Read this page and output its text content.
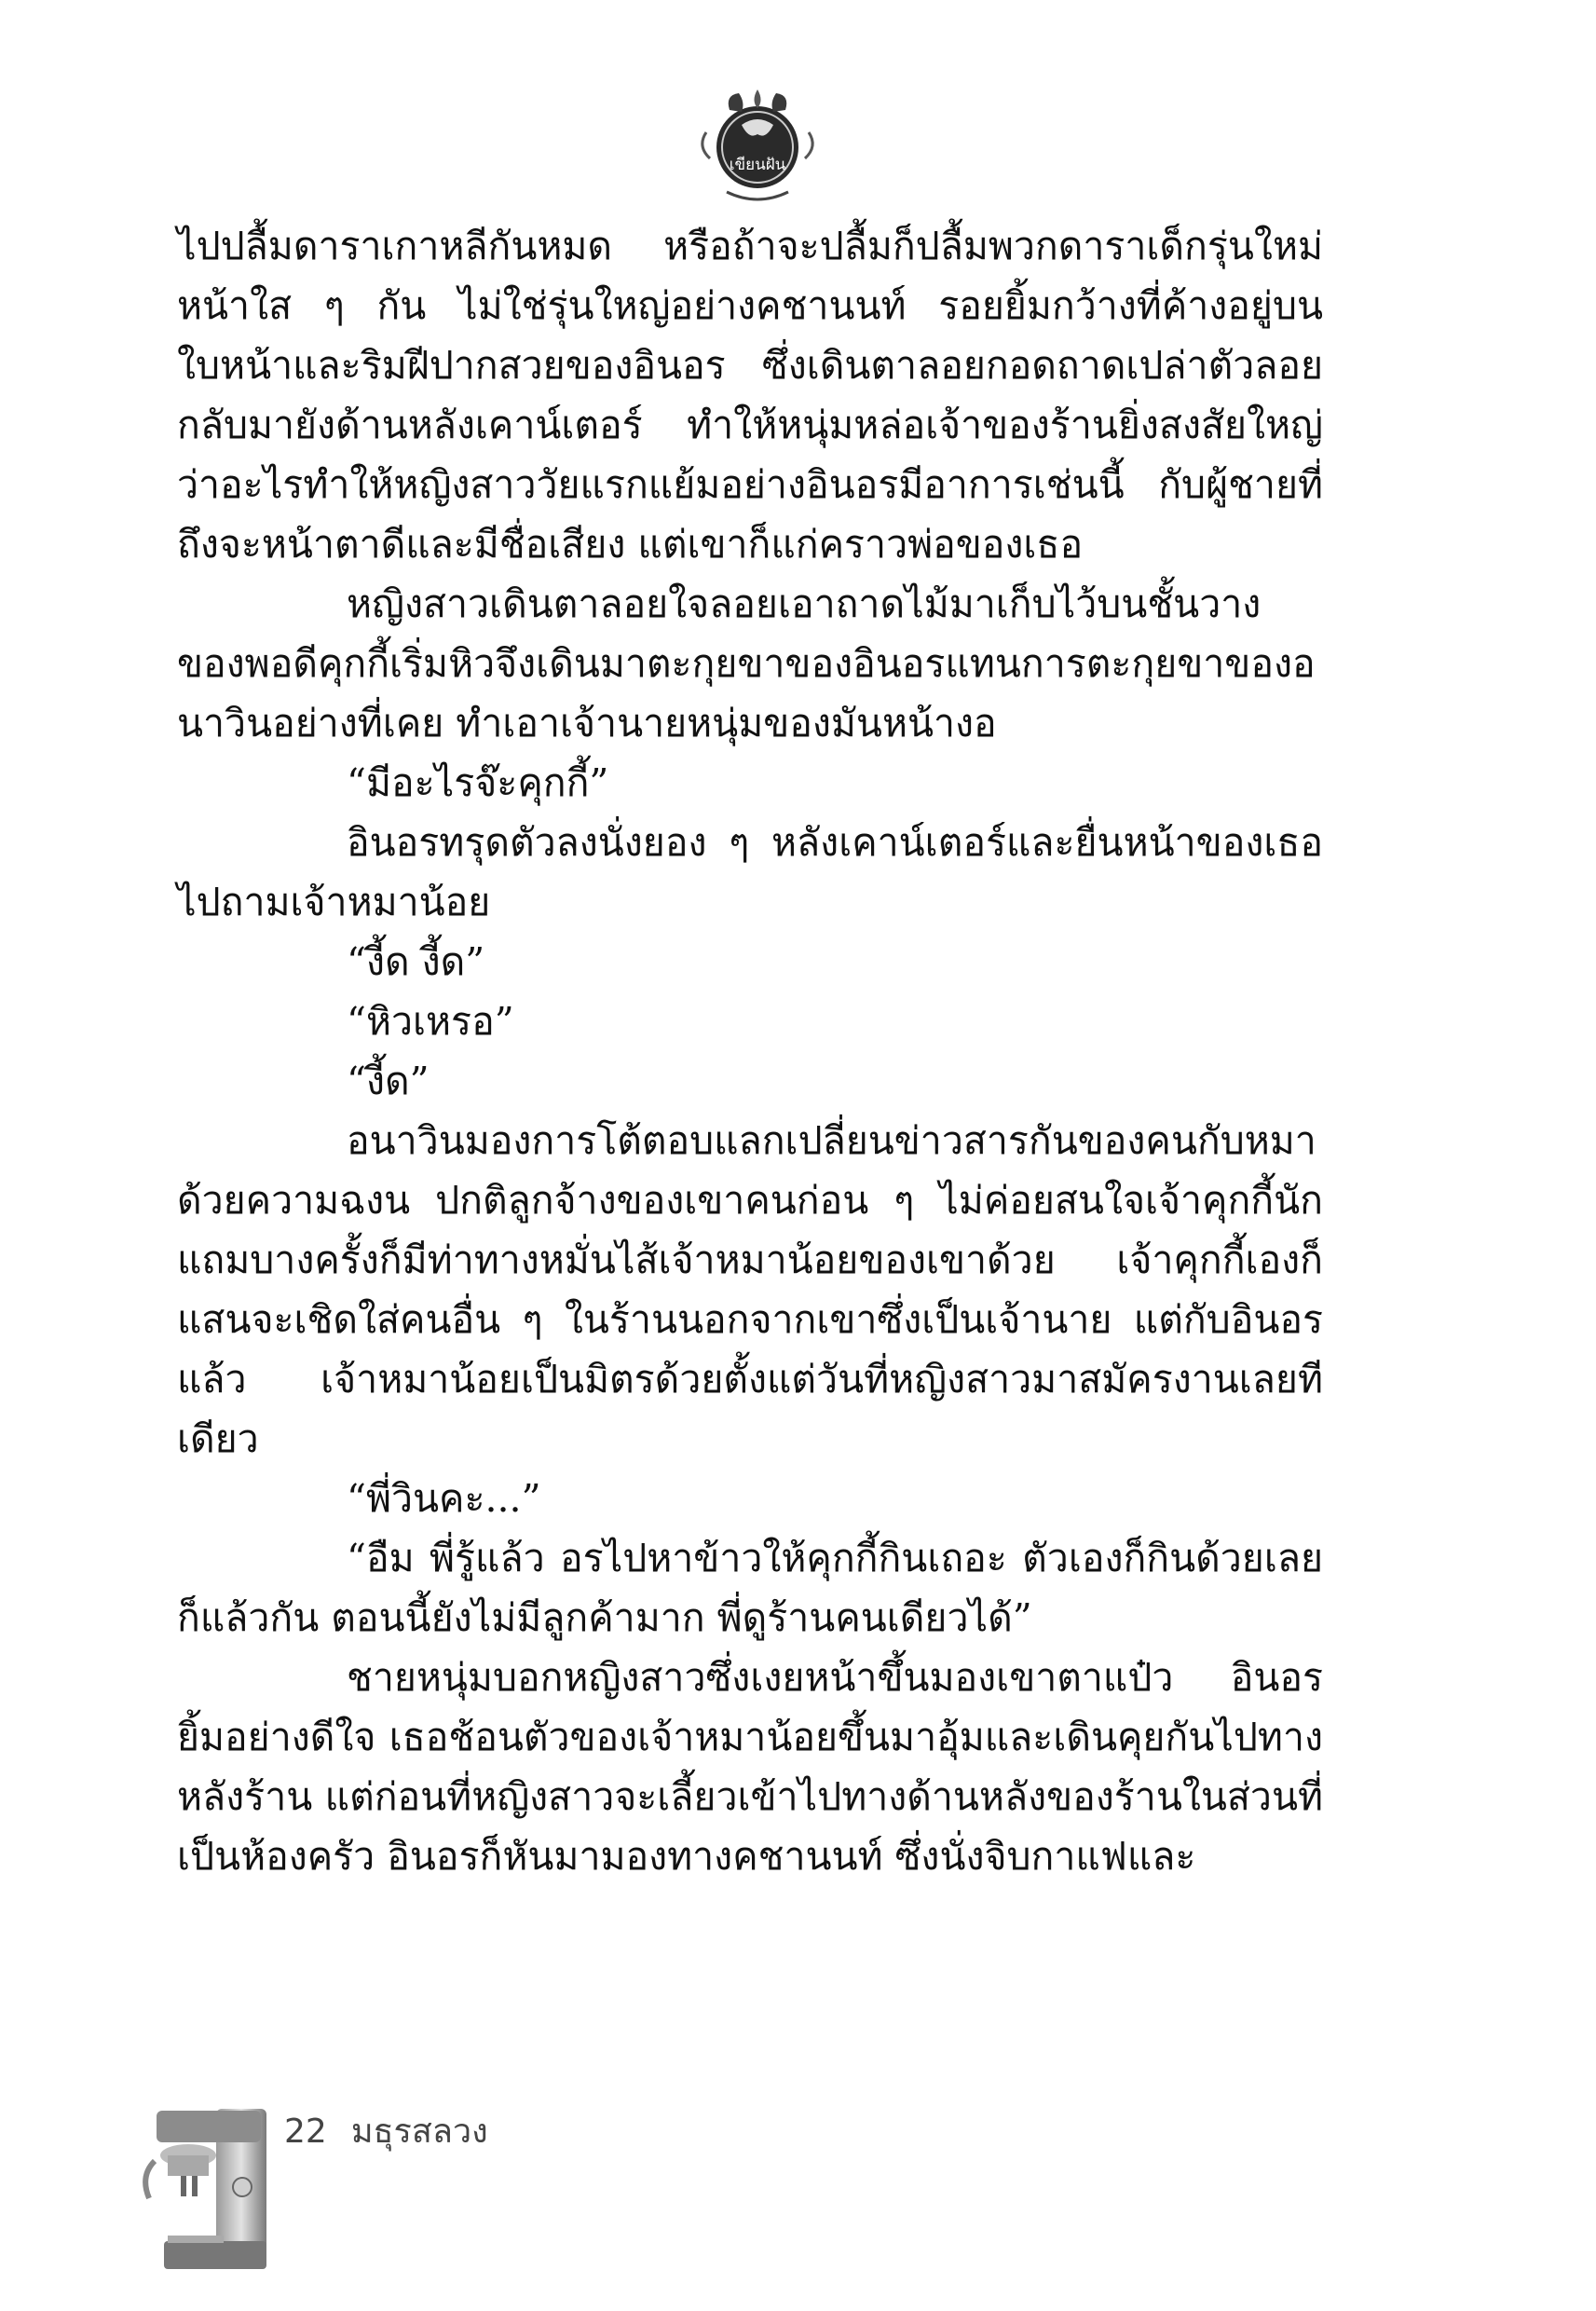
เขียนฝัน

ไปปลื้มดาราเกาหลีกันหมด หรือถ้าจะปลื้มก็ปลื้มพวกดาราเด็กรุ่นใหม่หน้าใส ๆ กัน ไม่ใช่รุ่นใหญ่อย่างคชานนท์ รอยยิ้มกว้างที่ค้างอยู่บนใบหน้าและริมฝีปากสวยของอินอร ซึ่งเดินตาลอยกอดถาดเปล่าตัวลอยกลับมายังด้านหลังเคาน์เตอร์ ทำให้หนุ่มหล่อเจ้าของร้านยิ่งสงสัยใหญ่ว่าอะไรทำให้หญิงสาววัยแรกแย้มอย่างอินอรมีอาการเช่นนี้ กับผู้ชายที่ถึงจะหน้าตาดีและมีชื่อเสียง แต่เขาก็แก่คราวพ่อของเธอ

หญิงสาวเดินตาลอยใจลอยเอาถาดไม้มาเก็บไว้บนชั้นวางของพอดีคุกกี้เริ่มหิวจึงเดินมาตะกุยขาของอินอรแทนการตะกุยขาของอนาวินอย่างที่เคย ทำเอาเจ้านายหนุ่มของมันหน้างอ

“มีอะไรจ๊ะคุกกี้”

อินอรทรุดตัวลงนั่งยอง ๆ หลังเคาน์เตอร์และยื่นหน้าของเธอไปถามเจ้าหมาน้อย

“งี้ด งี้ด”

“หิวเหรอ”

“งี้ด”

อนาวินมองการโต้ตอบแลกเปลี่ยนข่าวสารกันของคนกับหมาด้วยความฉงน ปกติลูกจ้างของเขาคนก่อน ๆ ไม่ค่อยสนใจเจ้าคุกกี้นักแถมบางครั้งก็มีท่าทางหมั่นไส้เจ้าหมาน้อยของเขาด้วย เจ้าคุกกี้เองก็แสนจะเชิดใส่คนอื่น ๆ ในร้านนอกจากเขาซึ่งเป็นเจ้านาย แต่กับอินอรแล้ว เจ้าหมาน้อยเป็นมิตรด้วยตั้งแต่วันที่หญิงสาวมาสมัครงานเลยทีเดียว

“พี่วินคะ...”

“อืม พี่รู้แล้ว อรไปหาข้าวให้คุกกี้กินเถอะ ตัวเองก็กินด้วยเลยก็แล้วกัน ตอนนี้ยังไม่มีลูกค้ามาก พี่ดูร้านคนเดียวได้”

ชายหนุ่มบอกหญิงสาวซึ่งเงยหน้าขึ้นมองเขาตาแป๋ว อินอรยิ้มอย่างดีใจ เธอช้อนตัวของเจ้าหมาน้อยขึ้นมาอุ้มและเดินคุยกันไปทางหลังร้าน แต่ก่อนที่หญิงสาวจะเลี้ยวเข้าไปทางด้านหลังของร้านในส่วนที่เป็นห้องครัว อินอรก็หันมามองทางคชานนท์ ซึ่งนั่งจิบกาแฟและ

22 มธุรสลวง
